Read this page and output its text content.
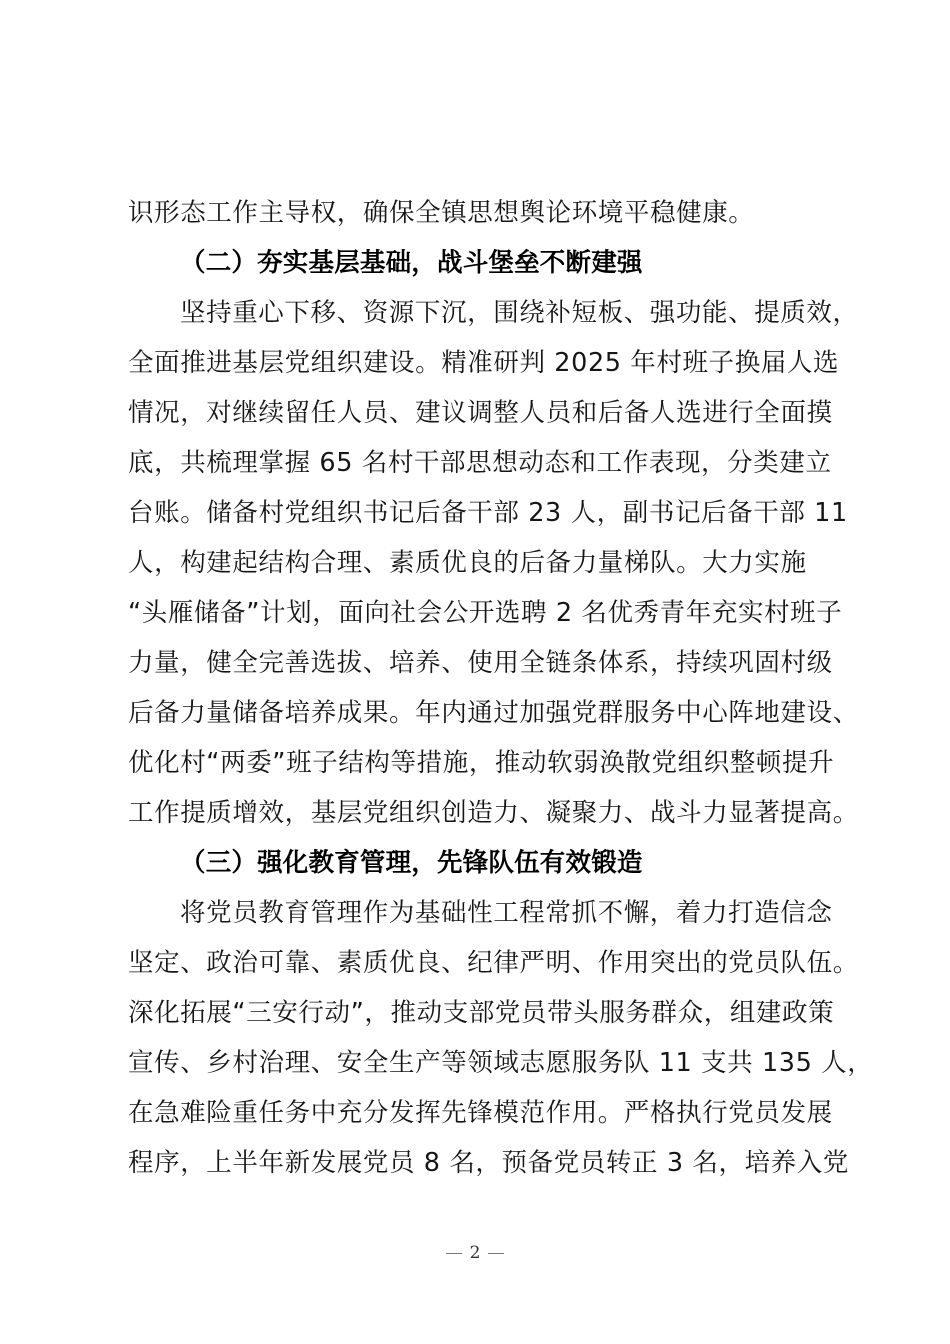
识形态工作主导权，确保全镇思想舆论环境平稳健康。
（二）夯实基层基础，战斗堡垒不断建强
坚持重心下移、资源下沉，围绕补短板、强功能、提质效，
全面推进基层党组织建设。精准研判 2025 年村班子换届人选
情况，对继续留任人员、建议调整人员和后备人选进行全面摸
底，共梳理掌握 65 名村干部思想动态和工作表现，分类建立
台账。储备村党组织书记后备干部 23 人，副书记后备干部 11
人，构建起结构合理、素质优良的后备力量梯队。大力实施
“头雁储备”计划，面向社会公开选聘 2 名优秀青年充实村班子
力量，健全完善选拔、培养、使用全链条体系，持续巩固村级
后备力量储备培养成果。年内通过加强党群服务中心阵地建设、
优化村“两委”班子结构等措施，推动软弱涣散党组织整顿提升
工作提质增效，基层党组织创造力、凝聚力、战斗力显著提高。
（三）强化教育管理，先锋队伍有效锻造
将党员教育管理作为基础性工程常抓不懈，着力打造信念
坚定、政治可靠、素质优良、纪律严明、作用突出的党员队伍。
深化拓展“三安行动”，推动支部党员带头服务群众，组建政策
宣传、乡村治理、安全生产等领域志愿服务队 11 支共 135 人，
在急难险重任务中充分发挥先锋模范作用。严格执行党员发展
程序，上半年新发展党员 8 名，预备党员转正 3 名，培养入党
2
